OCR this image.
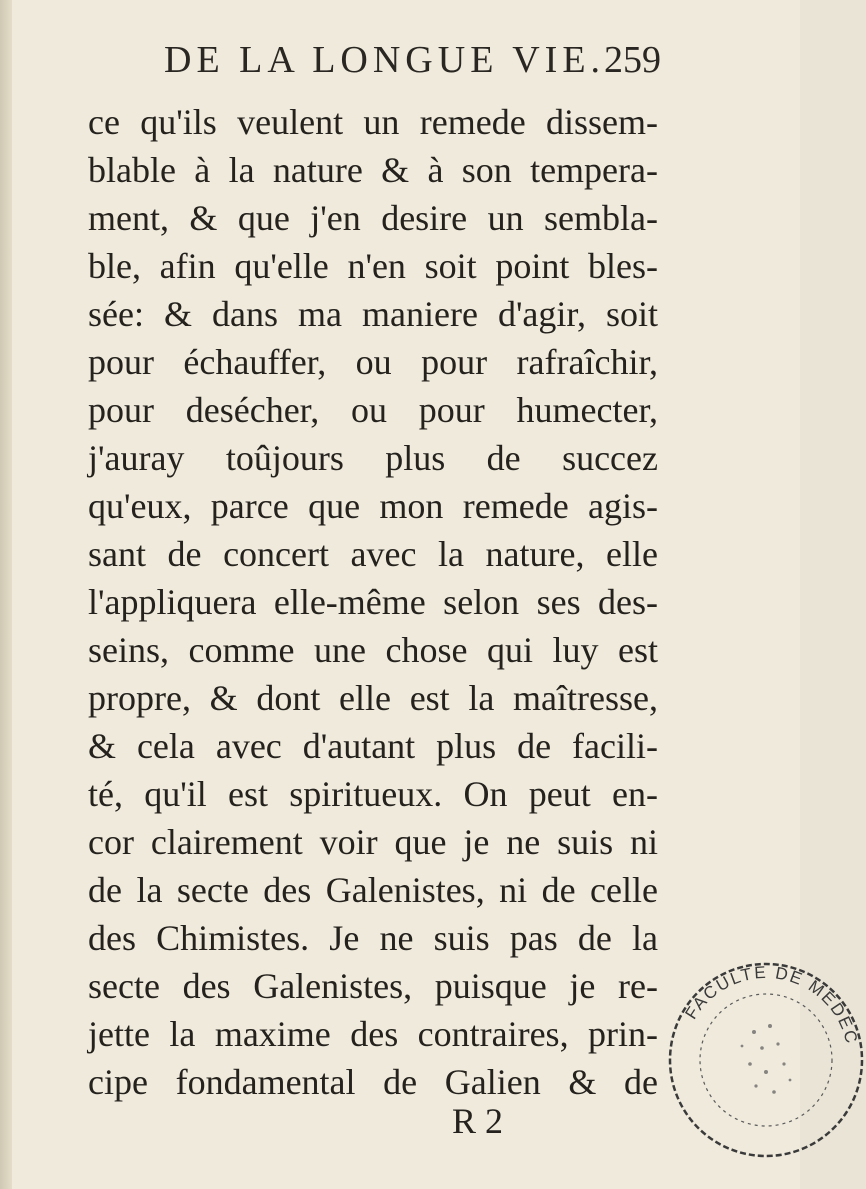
DE LA LONGUE VIE.
259
ce qu'ils veulent un remede dissem-
blable à la nature & à son tempera-
ment, & que j'en desire un sembla-
ble, afin qu'elle n'en soit point bles-
sée: & dans ma maniere d'agir, soit
pour échauffer, ou pour rafraîchir,
pour desécher, ou pour humecter,
j'auray toûjours plus de succez
qu'eux, parce que mon remede agis-
sant de concert avec la nature, elle
l'appliquera elle-même selon ses des-
seins, comme une chose qui luy est
propre, & dont elle est la maîtresse,
& cela avec d'autant plus de facili-
té, qu'il est spiritueux. On peut en-
cor clairement voir que je ne suis ni
de la secte des Galenistes, ni de celle
des Chimistes. Je ne suis pas de la
secte des Galenistes, puisque je re-
jette la maxime des contraires, prin-
cipe fondamental de Galien & de
R 2
FACULTE DE MEDEC
